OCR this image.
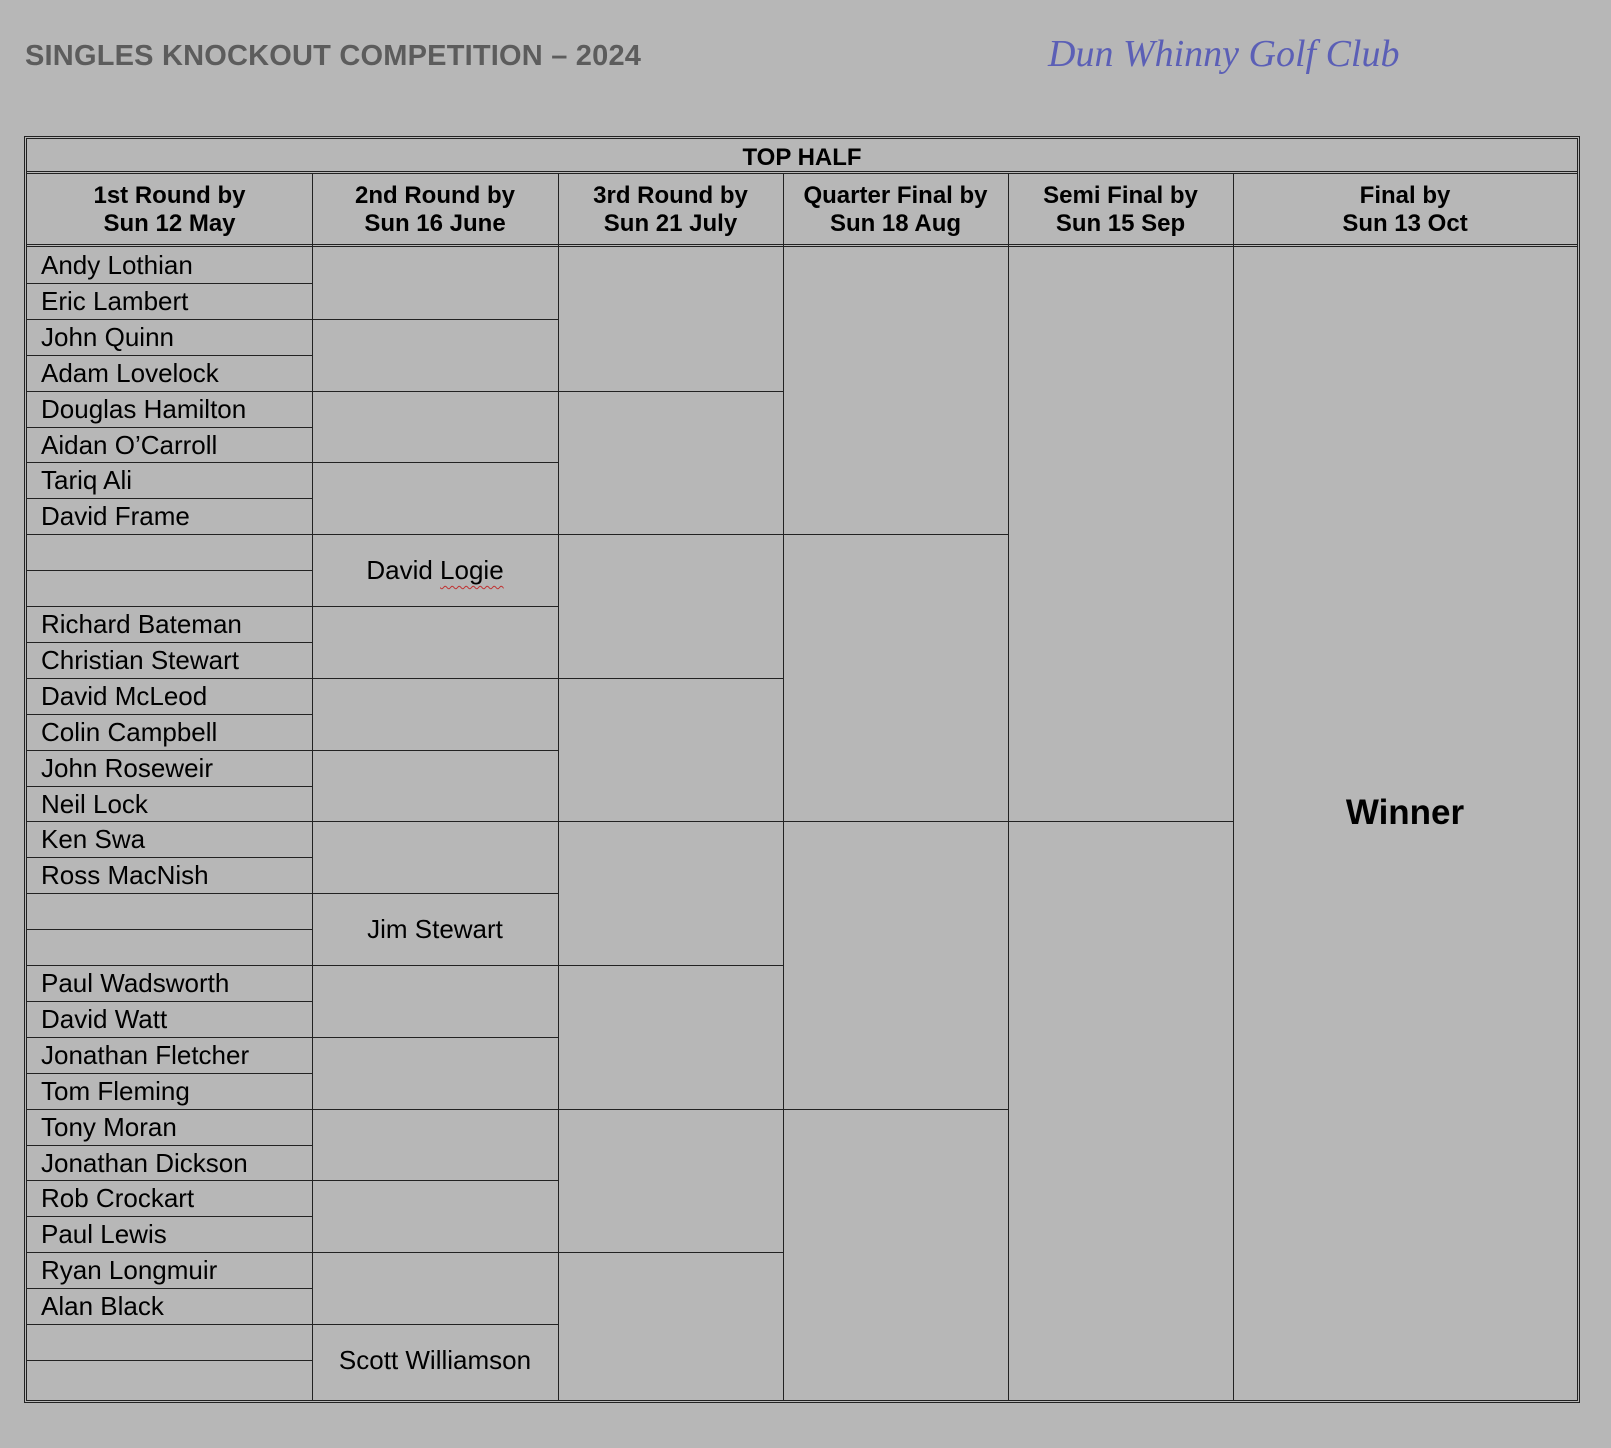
SINGLES KNOCKOUT COMPETITION – 2024	Dun Whinny Golf Club
TOP HALF
1st Round by
Sun 12 May
2nd Round by
Sun 16 June
3rd Round by
Sun 21 July
Quarter Final by
Sun 18 Aug
Semi Final by
Sun 15 Sep
Final by
Sun 13 Oct
Andy Lothian
Eric Lambert
John Quinn
Adam Lovelock
Douglas Hamilton
Aidan O’Carroll
Tariq Ali
David Frame
Richard Bateman
Christian Stewart
David McLeod
Colin Campbell
John Roseweir
Neil Lock
Ken Swa
Ross MacNish
Paul Wadsworth
David Watt
Jonathan Fletcher
Tom Fleming
Tony Moran
Jonathan Dickson
Rob Crockart
Paul Lewis
Ryan Longmuir
Alan Black
David Logie
Jim Stewart
Scott Williamson
Winner
